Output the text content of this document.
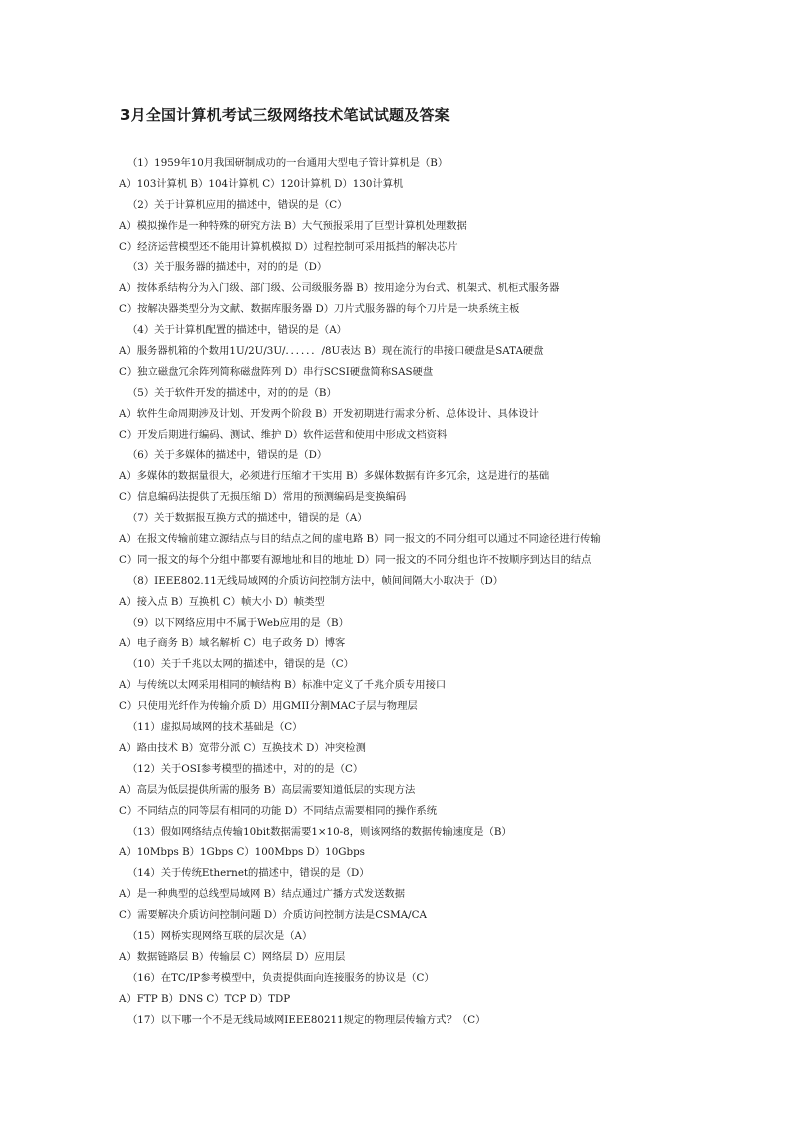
3月全国计算机考试三级网络技术笔试试题及答案
（1）1959年10月我国研制成功的一台通用大型电子管计算机是（B）
A）103计算机 B）104计算机 C）120计算机 D）130计算机
（2）关于计算机应用的描述中，错误的是（C）
A）模拟操作是一种特殊的研究方法 B）大气预报采用了巨型计算机处理数据
C）经济运营模型还不能用计算机模拟 D）过程控制可采用抵挡的解决芯片
（3）关于服务器的描述中，对的的是（D）
A）按体系结构分为入门级、部门级、公司级服务器 B）按用途分为台式、机架式、机柜式服务器
C）按解决器类型分为文献、数据库服务器 D）刀片式服务器的每个刀片是一块系统主板
（4）关于计算机配置的描述中，错误的是（A）
A）服务器机箱的个数用1U/2U/3U/．．．．．．/8U表达 B）现在流行的串接口硬盘是SATA硬盘
C）独立磁盘冗余阵列简称磁盘阵列 D）串行SCSI硬盘简称SAS硬盘
（5）关于软件开发的描述中，对的的是（B）
A）软件生命周期涉及计划、开发两个阶段 B）开发初期进行需求分析、总体设计、具体设计
C）开发后期进行编码、测试、维护 D）软件运营和使用中形成文档资料
（6）关于多媒体的描述中，错误的是（D）
A）多媒体的数据量很大，必须进行压缩才干实用 B）多媒体数据有许多冗余，这是进行的基础
C）信息编码法提供了无损压缩 D）常用的预测编码是变换编码
（7）关于数据报互换方式的描述中，错误的是（A）
A）在报文传输前建立源结点与目的结点之间的虚电路 B）同一报文的不同分组可以通过不同途径进行传输
C）同一报文的每个分组中都要有源地址和目的地址 D）同一报文的不同分组也许不按顺序到达目的结点
（8）IEEE802.11无线局域网的介质访问控制方法中，帧间间隔大小取决于（D）
A）接入点 B）互换机 C）帧大小 D）帧类型
（9）以下网络应用中不属于Web应用的是（B）
A）电子商务 B）域名解析 C）电子政务 D）博客
（10）关于千兆以太网的描述中，错误的是（C）
A）与传统以太网采用相同的帧结构 B）标准中定义了千兆介质专用接口
C）只使用光纤作为传输介质 D）用GMII分割MAC子层与物理层
（11）虚拟局域网的技术基础是（C）
A）路由技术 B）宽带分派 C）互换技术 D）冲突检测
（12）关于OSI参考模型的描述中，对的的是（C）
A）高层为低层提供所需的服务 B）高层需要知道低层的实现方法
C）不同结点的同等层有相同的功能 D）不同结点需要相同的操作系统
（13）假如网络结点传输10bit数据需要1×10-8，则该网络的数据传输速度是（B）
A）10Mbps B）1Gbps C）100Mbps D）10Gbps
（14）关于传统Ethernet的描述中，错误的是（D）
A）是一种典型的总线型局域网 B）结点通过广播方式发送数据
C）需要解决介质访问控制问题 D）介质访问控制方法是CSMA/CA
（15）网桥实现网络互联的层次是（A）
A）数据链路层 B）传输层 C）网络层 D）应用层
（16）在TC/IP参考模型中，负责提供面向连接服务的协议是（C）
A）FTP B）DNS C）TCP D）TDP
（17）以下哪一个不是无线局域网IEEE80211规定的物理层传输方式？（C）
